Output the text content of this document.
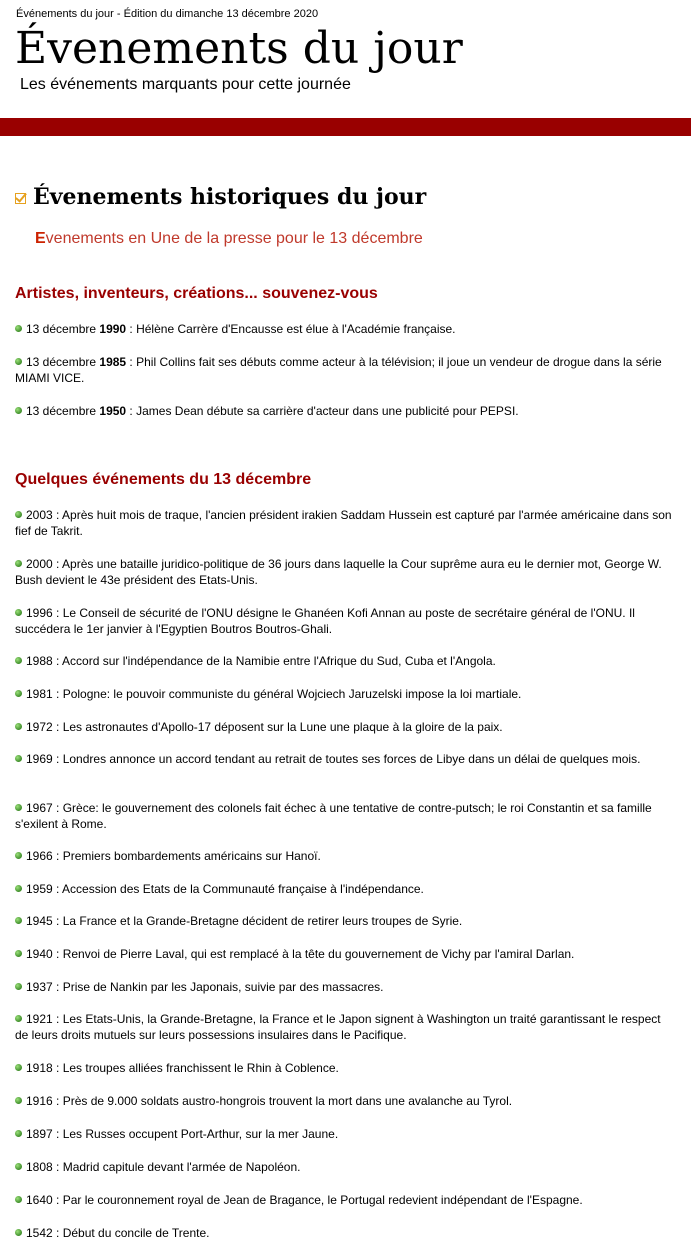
Événements du jour - Édition du dimanche 13 décembre 2020
Évenements du jour
Les événements marquants pour cette journée
Évenements historiques du jour
Evenements en Une de la presse pour le 13 décembre
Artistes, inventeurs, créations... souvenez-vous
13 décembre 1990 : Hélène Carrère d'Encausse est élue à l'Académie française.
13 décembre 1985 : Phil Collins fait ses débuts comme acteur à la télévision; il joue un vendeur de drogue dans la série MIAMI VICE.
13 décembre 1950 : James Dean débute sa carrière d'acteur dans une publicité pour PEPSI.
Quelques événements du 13 décembre
2003 : Après huit mois de traque, l'ancien président irakien Saddam Hussein est capturé par l'armée américaine dans son fief de Takrit.
2000 : Après une bataille juridico-politique de 36 jours dans laquelle la Cour suprême aura eu le dernier mot, George W. Bush devient le 43e président des Etats-Unis.
1996 : Le Conseil de sécurité de l'ONU désigne le Ghanéen Kofi Annan au poste de secrétaire général de l'ONU. Il succédera le 1er janvier à l'Egyptien Boutros Boutros-Ghali.
1988 : Accord sur l'indépendance de la Namibie entre l'Afrique du Sud, Cuba et l'Angola.
1981 : Pologne: le pouvoir communiste du général Wojciech Jaruzelski impose la loi martiale.
1972 : Les astronautes d'Apollo-17 déposent sur la Lune une plaque à la gloire de la paix.
1969 : Londres annonce un accord tendant au retrait de toutes ses forces de Libye dans un délai de quelques mois.
1967 : Grèce: le gouvernement des colonels fait échec à une tentative de contre-putsch; le roi Constantin et sa famille s'exilent à Rome.
1966 : Premiers bombardements américains sur Hanoï.
1959 : Accession des Etats de la Communauté française à l'indépendance.
1945 : La France et la Grande-Bretagne décident de retirer leurs troupes de Syrie.
1940 : Renvoi de Pierre Laval, qui est remplacé à la tête du gouvernement de Vichy par l'amiral Darlan.
1937 : Prise de Nankin par les Japonais, suivie par des massacres.
1921 : Les Etats-Unis, la Grande-Bretagne, la France et le Japon signent à Washington un traité garantissant le respect de leurs droits mutuels sur leurs possessions insulaires dans le Pacifique.
1918 : Les troupes alliées franchissent le Rhin à Coblence.
1916 : Près de 9.000 soldats austro-hongrois trouvent la mort dans une avalanche au Tyrol.
1897 : Les Russes occupent Port-Arthur, sur la mer Jaune.
1808 : Madrid capitule devant l'armée de Napoléon.
1640 : Par le couronnement royal de Jean de Bragance, le Portugal redevient indépendant de l'Espagne.
1542 : Début du concile de Trente.
